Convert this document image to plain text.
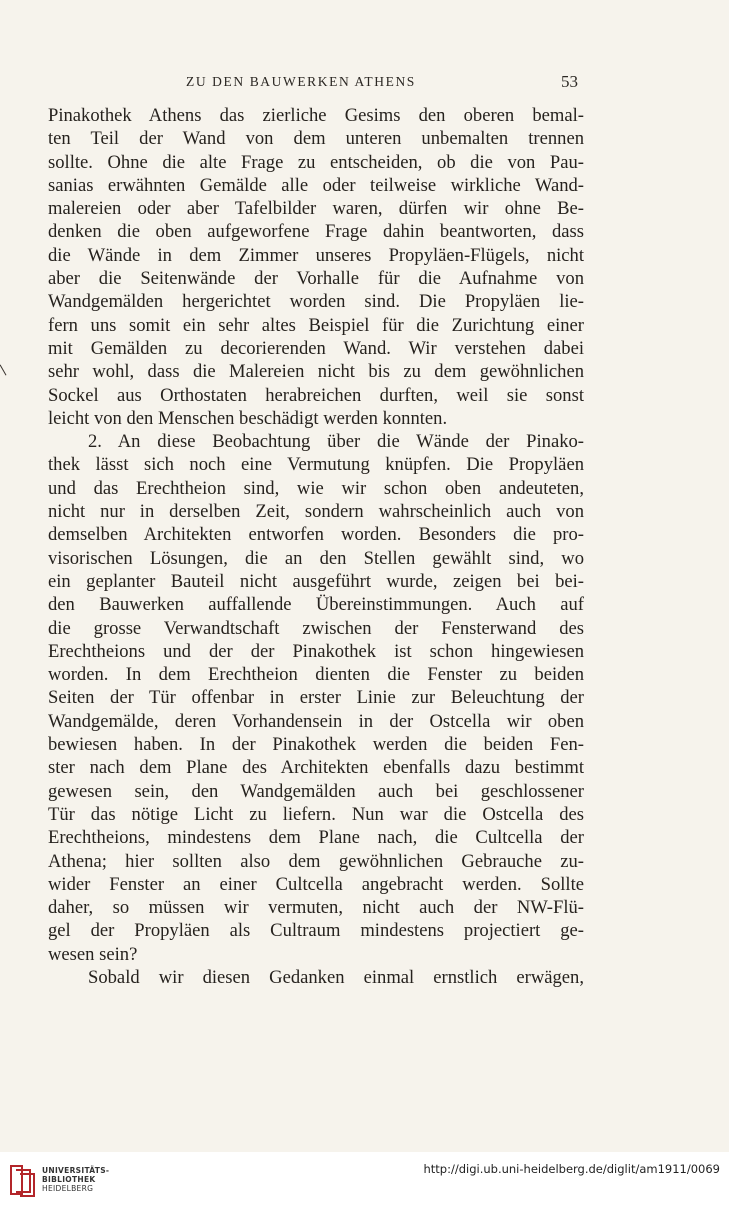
ZU DEN BAUWERKEN ATHENS	53
Pinakothek Athens das zierliche Gesims den oberen bemal-
ten Teil der Wand von dem unteren unbemalten trennen
sollte. Ohne die alte Frage zu entscheiden, ob die von Pau-
sanias erwähnten Gemälde alle oder teilweise wirkliche Wand-
malereien oder aber Tafelbilder waren, dürfen wir ohne Be-
denken die oben aufgeworfene Frage dahin beantworten, dass
die Wände in dem Zimmer unseres Propyläen-Flügels, nicht
aber die Seitenwände der Vorhalle für die Aufnahme von
Wandgemälden hergerichtet worden sind. Die Propyläen lie-
fern uns somit ein sehr altes Beispiel für die Zurichtung einer
mit Gemälden zu decorierenden Wand. Wir verstehen dabei
sehr wohl, dass die Malereien nicht bis zu dem gewöhnlichen
Sockel aus Orthostaten herabreichen durften, weil sie sonst
leicht von den Menschen beschädigt werden konnten.
2. An diese Beobachtung über die Wände der Pinako-
thek lässt sich noch eine Vermutung knüpfen. Die Propyläen
und das Erechtheion sind, wie wir schon oben andeuteten,
nicht nur in derselben Zeit, sondern wahrscheinlich auch von
demselben Architekten entworfen worden. Besonders die pro-
visorischen Lösungen, die an den Stellen gewählt sind, wo
ein geplanter Bauteil nicht ausgeführt wurde, zeigen bei bei-
den Bauwerken auffallende Übereinstimmungen. Auch auf
die grosse Verwandtschaft zwischen der Fensterwand des
Erechtheions und der der Pinakothek ist schon hingewiesen
worden. In dem Erechtheion dienten die Fenster zu beiden
Seiten der Tür offenbar in erster Linie zur Beleuchtung der
Wandgemälde, deren Vorhandensein in der Ostcella wir oben
bewiesen haben. In der Pinakothek werden die beiden Fen-
ster nach dem Plane des Architekten ebenfalls dazu bestimmt
gewesen sein, den Wandgemälden auch bei geschlossener
Tür das nötige Licht zu liefern. Nun war die Ostcella des
Erechtheions, mindestens dem Plane nach, die Cultcella der
Athena; hier sollten also dem gewöhnlichen Gebrauche zu-
wider Fenster an einer Cultcella angebracht werden. Sollte
daher, so müssen wir vermuten, nicht auch der NW-Flü-
gel der Propyläen als Cultraum mindestens projectiert ge-
wesen sein?
Sobald wir diesen Gedanken einmal ernstlich erwägen,
UNIVERSITÄTS-
BIBLIOTHEK
HEIDELBERG
http://digi.ub.uni-heidelberg.de/diglit/am1911/0069
